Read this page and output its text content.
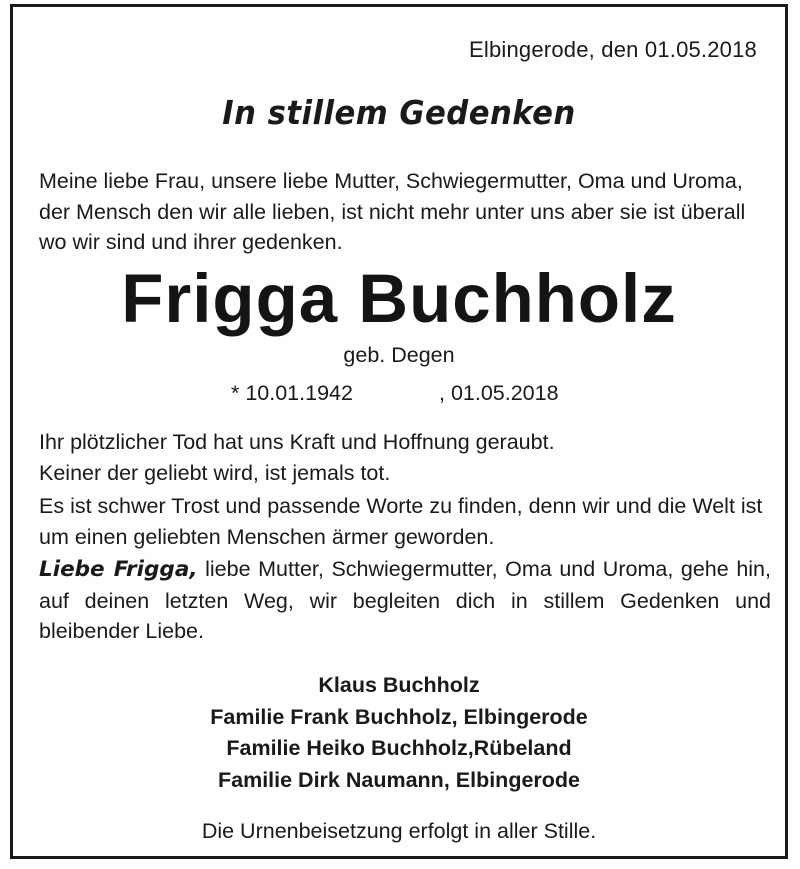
Elbingerode, den 01.05.2018
In stillem Gedenken
Meine liebe Frau, unsere liebe Mutter, Schwiegermutter, Oma und Uroma, der Mensch den wir alle lieben, ist nicht mehr unter uns aber sie ist überall wo wir sind und ihrer gedenken.
Frigga Buchholz
geb. Degen
* 10.01.1942	, 01.05.2018
Ihr plötzlicher Tod hat uns Kraft und Hoffnung geraubt.
Keiner der geliebt wird, ist jemals tot.
Es ist schwer Trost und passende Worte zu finden, denn wir und die Welt ist um einen geliebten Menschen ärmer geworden.
Liebe Frigga, liebe Mutter, Schwiegermutter, Oma und Uroma, gehe hin, auf deinen letzten Weg, wir begleiten dich in stillem Gedenken und bleibender Liebe.
Klaus Buchholz
Familie Frank Buchholz, Elbingerode
Familie Heiko Buchholz,Rübeland
Familie Dirk Naumann, Elbingerode
Die Urnenbeisetzung erfolgt in aller Stille.
